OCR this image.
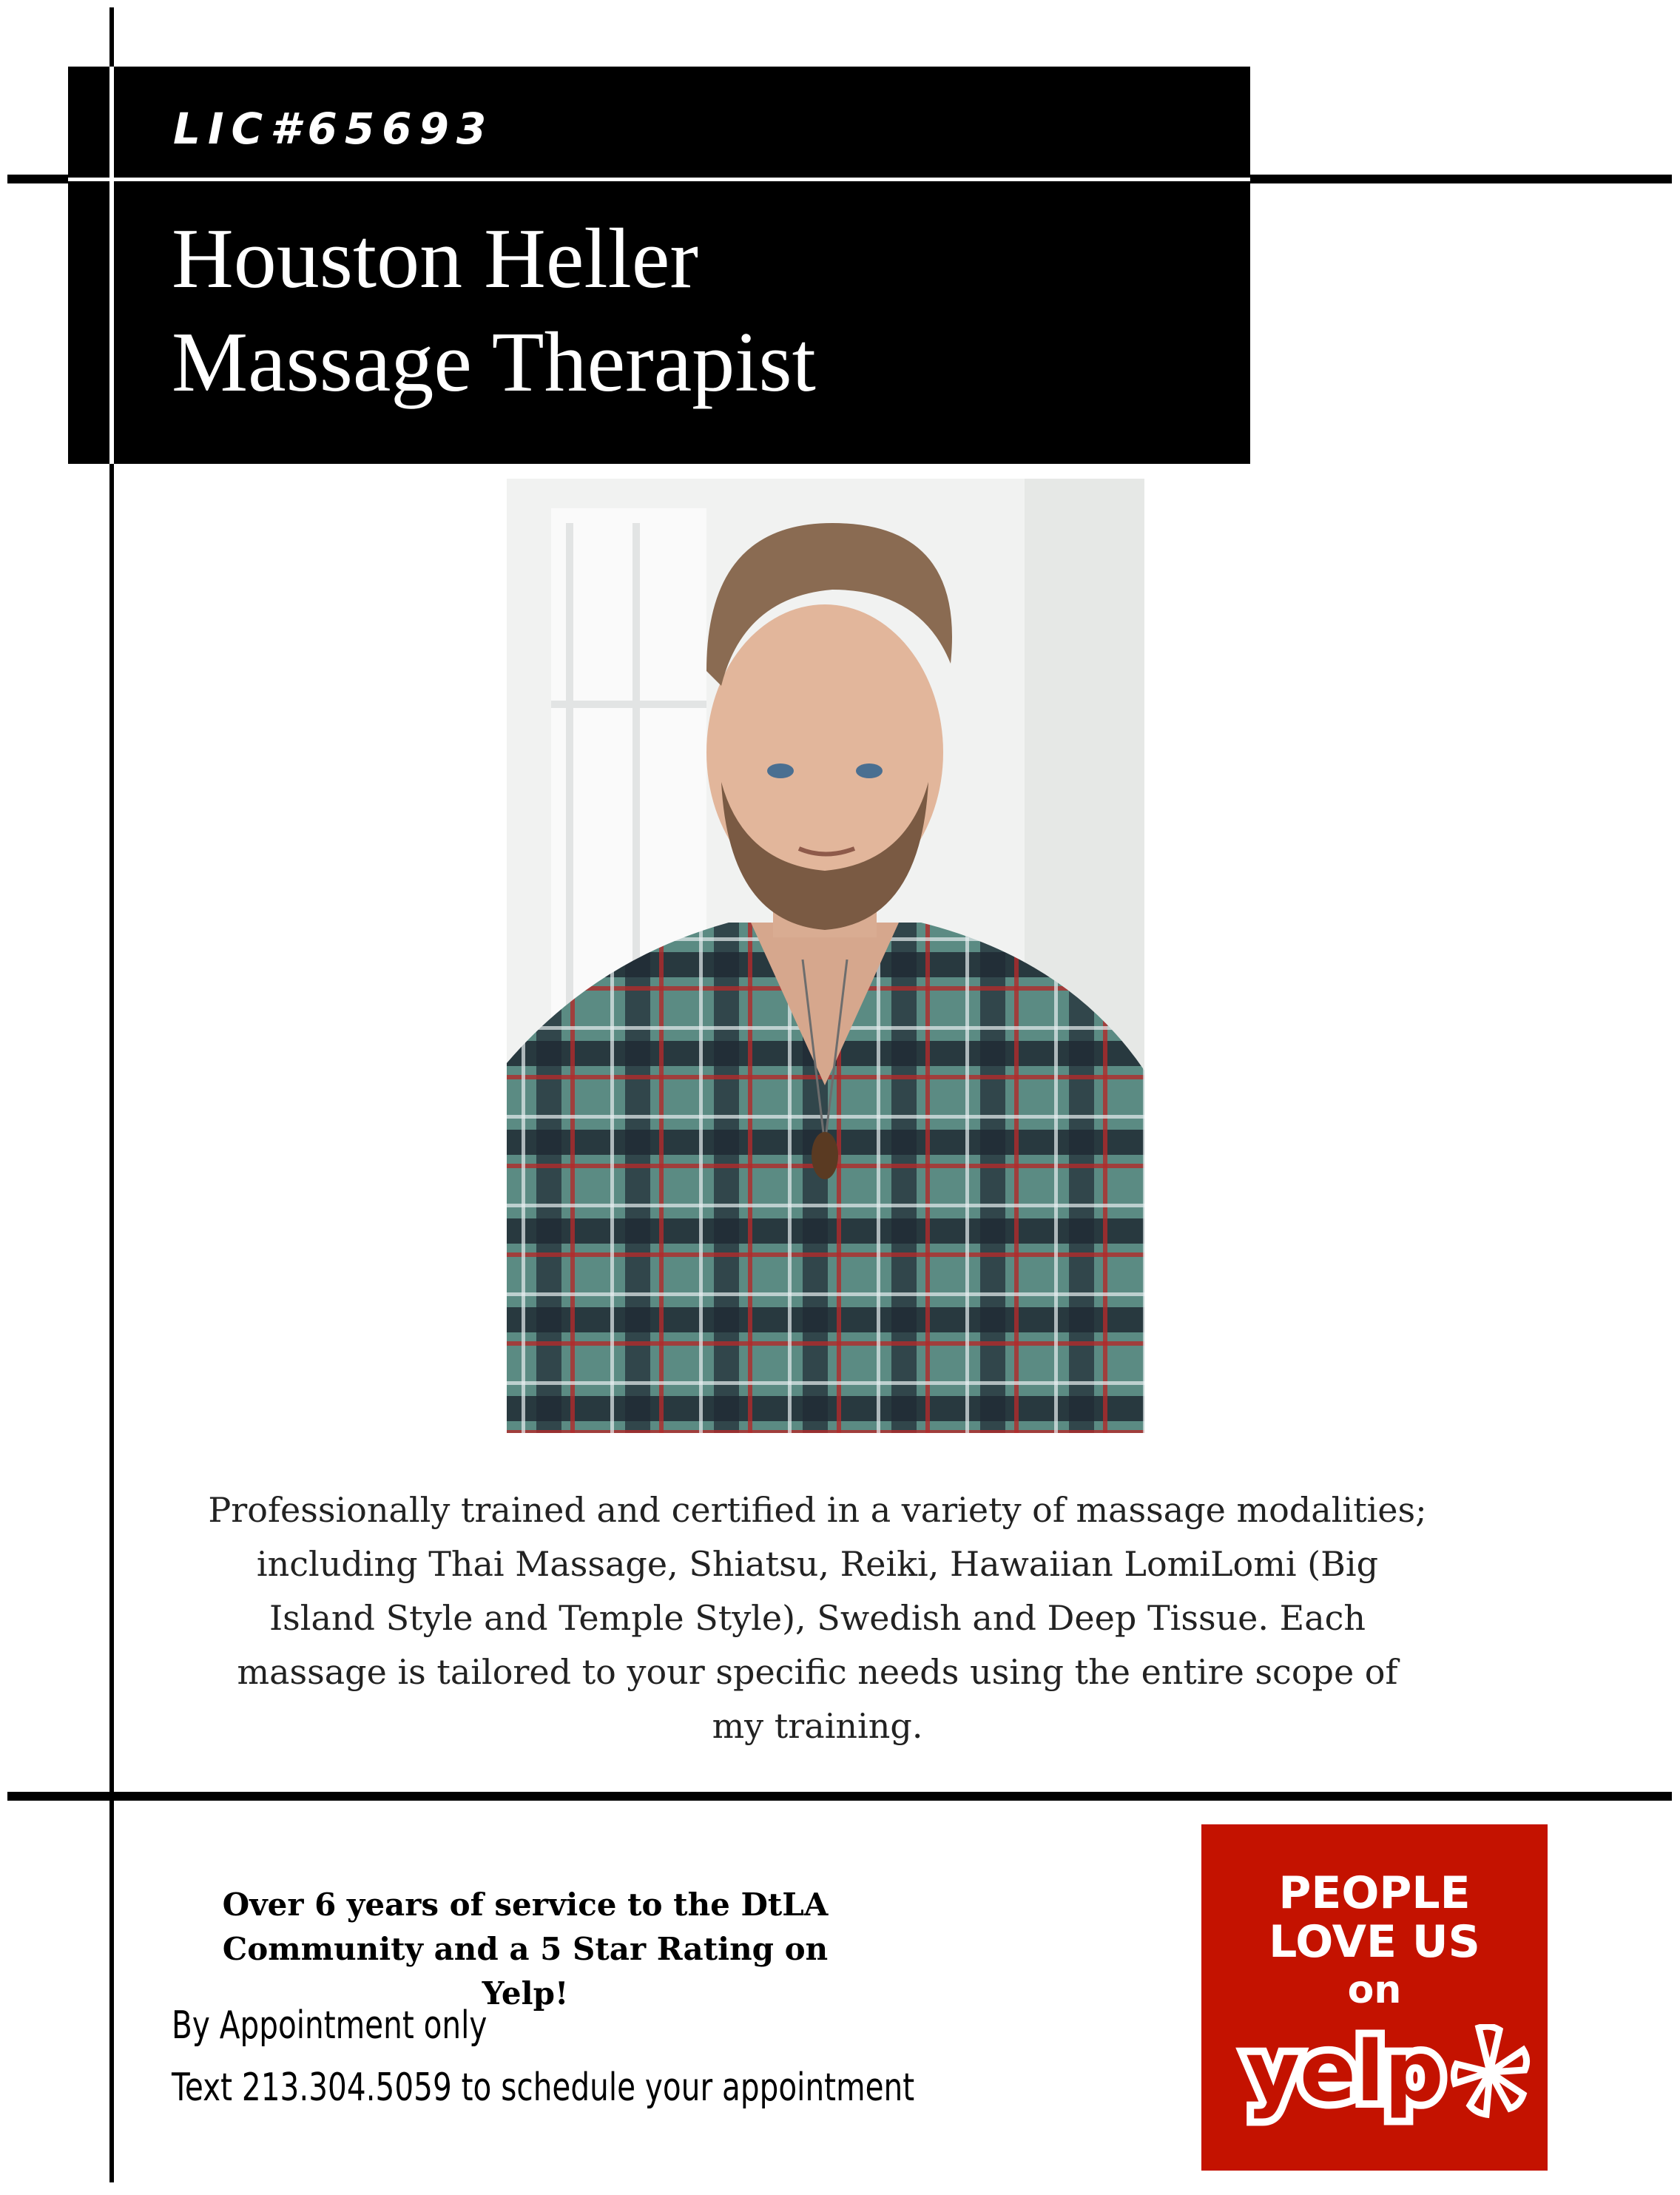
LIC#65693
Houston Heller
Massage Therapist
Professionally trained and certified in a variety of massage modalities; including Thai Massage, Shiatsu, Reiki, Hawaiian LomiLomi (Big Island Style and Temple Style), Swedish and Deep Tissue. Each massage is tailored to your specific needs using the entire scope of my training.
Over 6 years of service to the DtLA Community and a 5 Star Rating on Yelp!
By Appointment only
Text 213.304.5059 to schedule your appointment
PEOPLE
LOVE US
on
yelp
